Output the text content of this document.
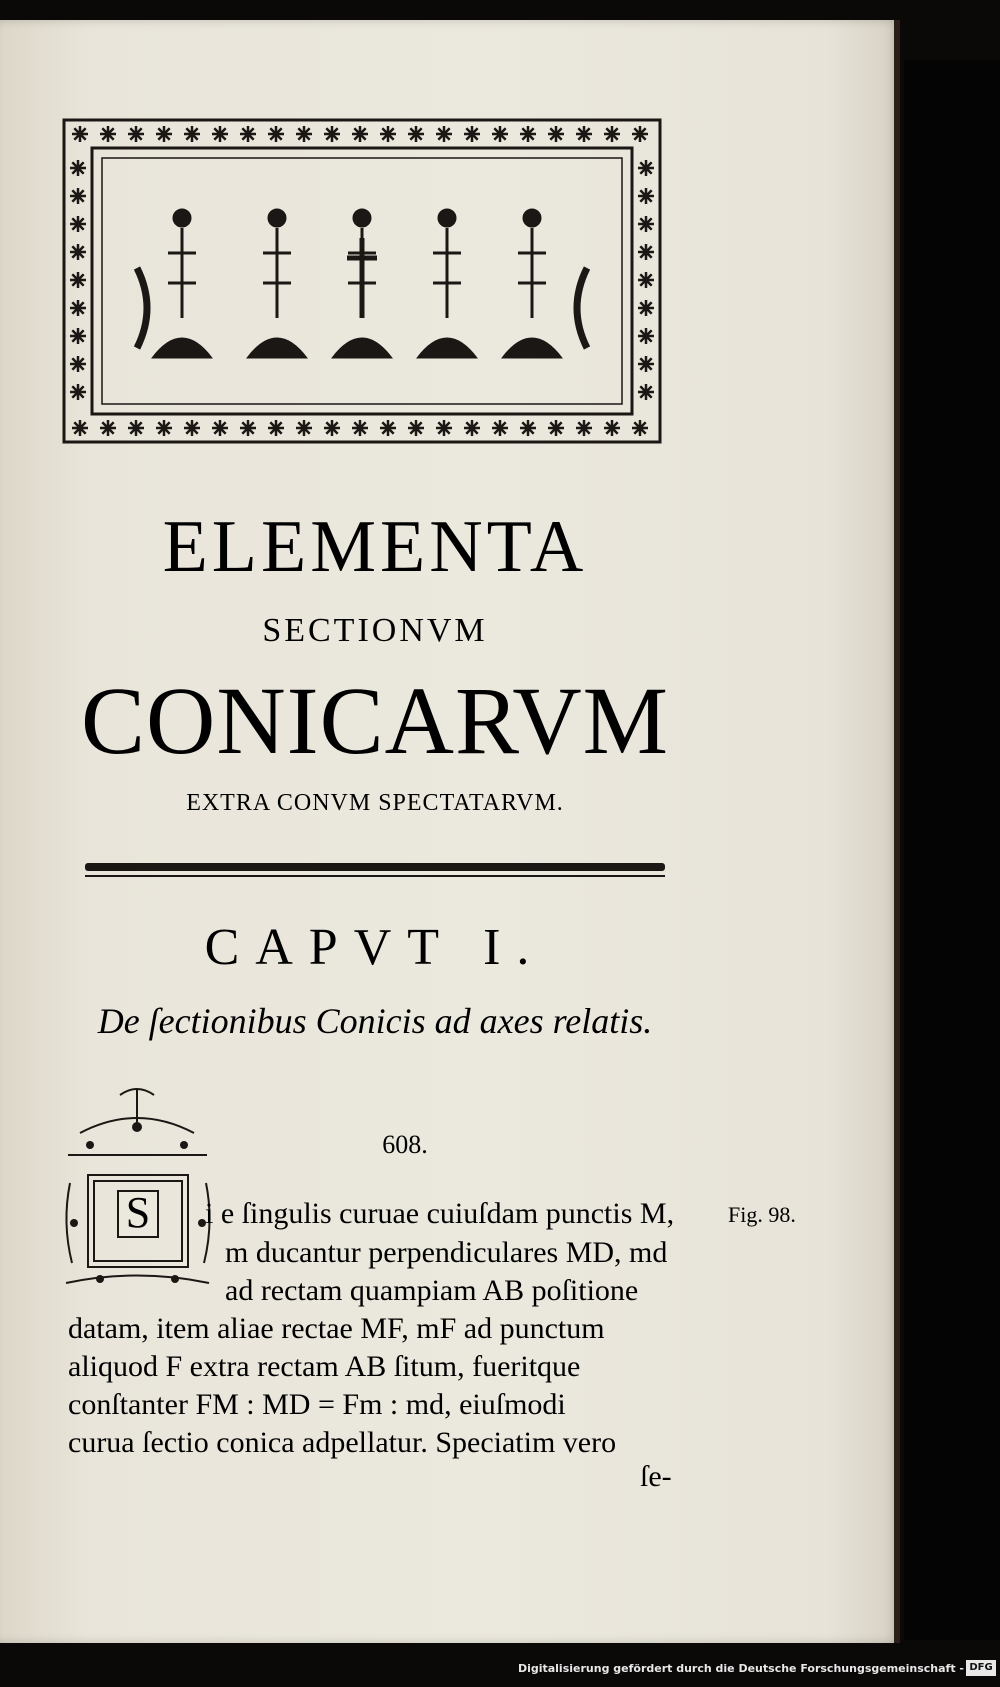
ELEMENTA
SECTIONVM
CONICARVM
EXTRA CONVM SPECTATARVM.
CAPVT I.
De ſectionibus Conicis ad axes relatis.
608.
S i e ſingulis curuae cuiuſdam punctis M,
m ducantur perpendiculares MD, md
ad rectam quampiam AB poſitione
datam, item aliae rectae MF, mF ad punctum
aliquod F extra rectam AB ſitum, fueritque
conſtanter FM : MD = Fm : md, eiuſmodi
curua ſectio conica adpellatur. Speciatim vero
Fig. 98.
ſe-
Digitalisierung gefördert durch die Deutsche Forschungsgemeinschaft - DFG
